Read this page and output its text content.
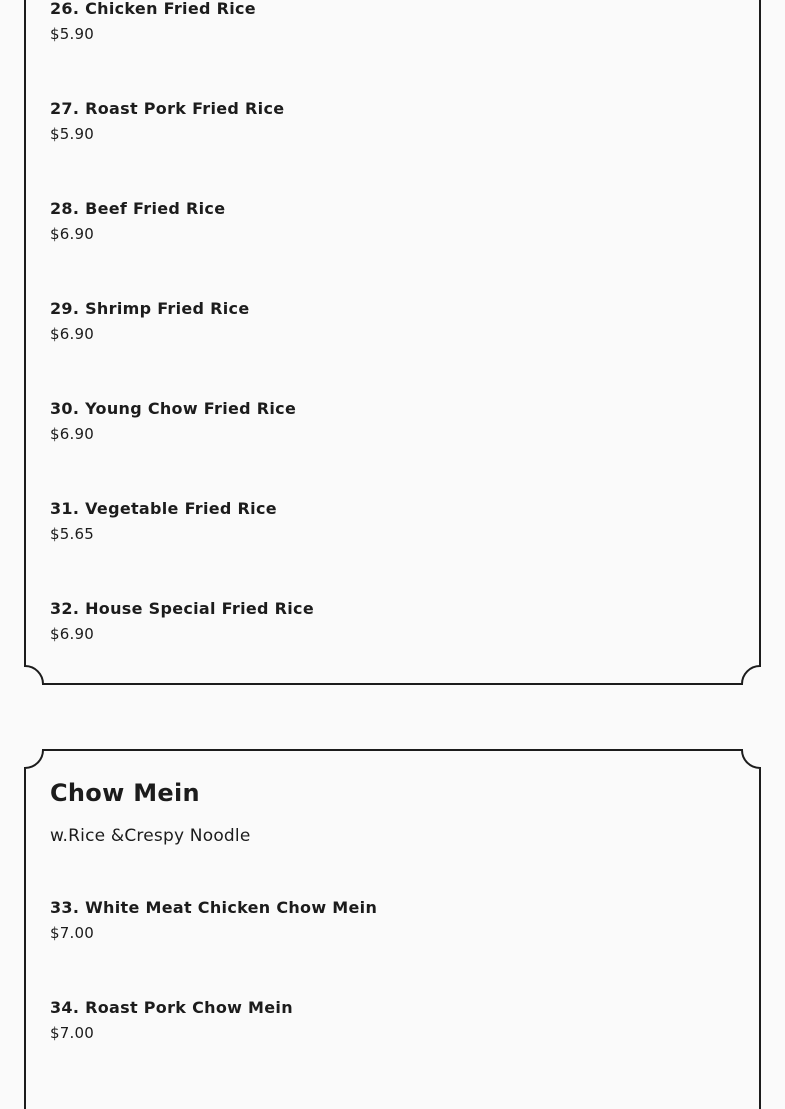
26. Chicken Fried Rice
$5.90
27. Roast Pork Fried Rice
$5.90
28. Beef Fried Rice
$6.90
29. Shrimp Fried Rice
$6.90
30. Young Chow Fried Rice
$6.90
31. Vegetable Fried Rice
$5.65
32. House Special Fried Rice
$6.90
Chow Mein
w.Rice &Crespy Noodle
33. White Meat Chicken Chow Mein
$7.00
34. Roast Pork Chow Mein
$7.00
